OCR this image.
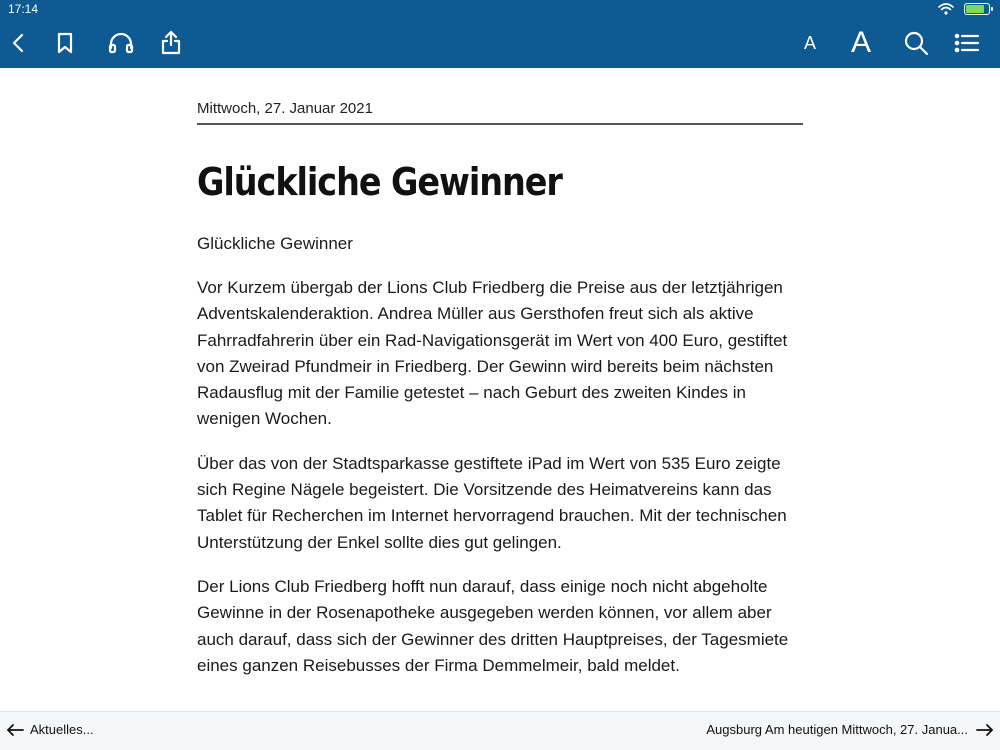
17:14
A A
Mittwoch, 27. Januar 2021
Glückliche Gewinner

Glückliche Gewinner

Vor Kurzem übergab der Lions Club Friedberg die Preise aus der letztjährigen Adventskalenderaktion. Andrea Müller aus Gersthofen freut sich als aktive Fahrradfahrerin über ein Rad-Navigationsgerät im Wert von 400 Euro, gestiftet von Zweirad Pfundmeir in Friedberg. Der Gewinn wird bereits beim nächsten Radausflug mit der Familie getestet – nach Geburt des zweiten Kindes in wenigen Wochen.

Über das von der Stadtsparkasse gestiftete iPad im Wert von 535 Euro zeigte sich Regine Nägele begeistert. Die Vorsitzende des Heimatvereins kann das Tablet für Recherchen im Internet hervorragend brauchen. Mit der technischen Unterstützung der Enkel sollte dies gut gelingen.

Der Lions Club Friedberg hofft nun darauf, dass einige noch nicht abgeholte Gewinne in der Rosenapotheke ausgegeben werden können, vor allem aber auch darauf, dass sich der Gewinner des dritten Hauptpreises, der Tagesmiete eines ganzen Reisebusses der Firma Demmelmeir, bald meldet.

Aktuelles...	Augsburg Am heutigen Mittwoch, 27. Janua...
